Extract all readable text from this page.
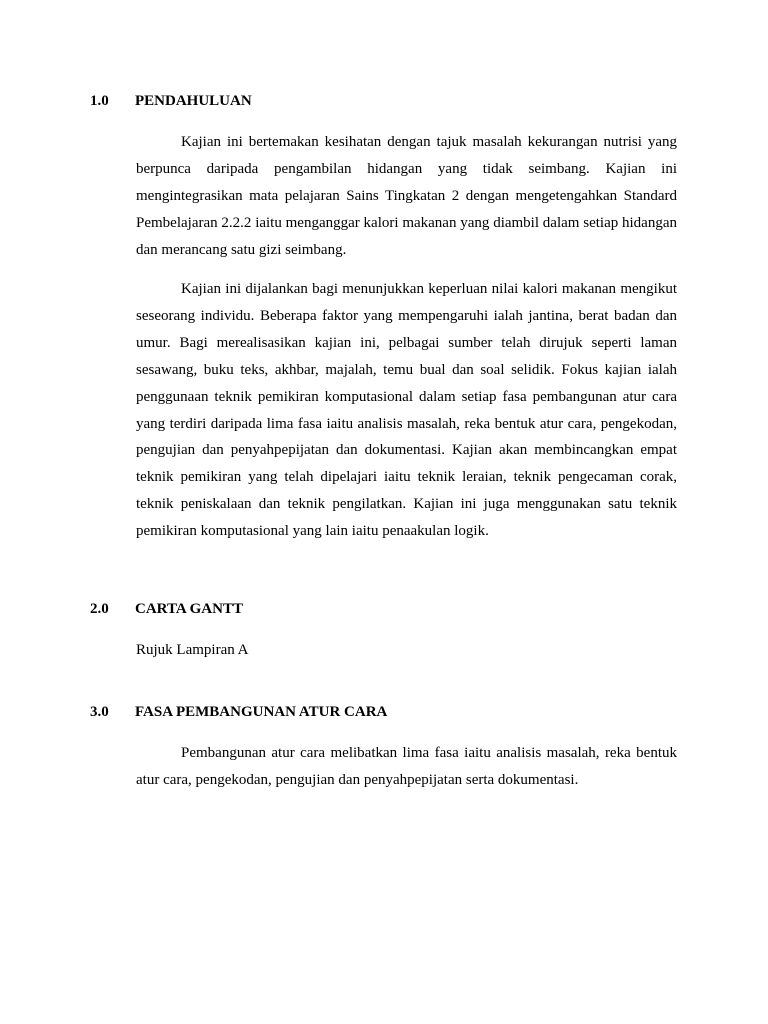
1.0 PENDAHULUAN

Kajian ini bertemakan kesihatan dengan tajuk masalah kekurangan nutrisi yang berpunca daripada pengambilan hidangan yang tidak seimbang. Kajian ini mengintegrasikan mata pelajaran Sains Tingkatan 2 dengan mengetengahkan Standard Pembelajaran 2.2.2 iaitu menganggar kalori makanan yang diambil dalam setiap hidangan dan merancang satu gizi seimbang.

Kajian ini dijalankan bagi menunjukkan keperluan nilai kalori makanan mengikut seseorang individu. Beberapa faktor yang mempengaruhi ialah jantina, berat badan dan umur. Bagi merealisasikan kajian ini, pelbagai sumber telah dirujuk seperti laman sesawang, buku teks, akhbar, majalah, temu bual dan soal selidik. Fokus kajian ialah penggunaan teknik pemikiran komputasional dalam setiap fasa pembangunan atur cara yang terdiri daripada lima fasa iaitu analisis masalah, reka bentuk atur cara, pengekodan, pengujian dan penyahpepijatan dan dokumentasi. Kajian akan membincangkan empat teknik pemikiran yang telah dipelajari iaitu teknik leraian, teknik pengecaman corak, teknik peniskalaan dan teknik pengilatkan. Kajian ini juga menggunakan satu teknik pemikiran komputasional yang lain iaitu penaakulan logik.

2.0 CARTA GANTT

Rujuk Lampiran A

3.0 FASA PEMBANGUNAN ATUR CARA

Pembangunan atur cara melibatkan lima fasa iaitu analisis masalah, reka bentuk atur cara, pengekodan, pengujian dan penyahpepijatan serta dokumentasi.
